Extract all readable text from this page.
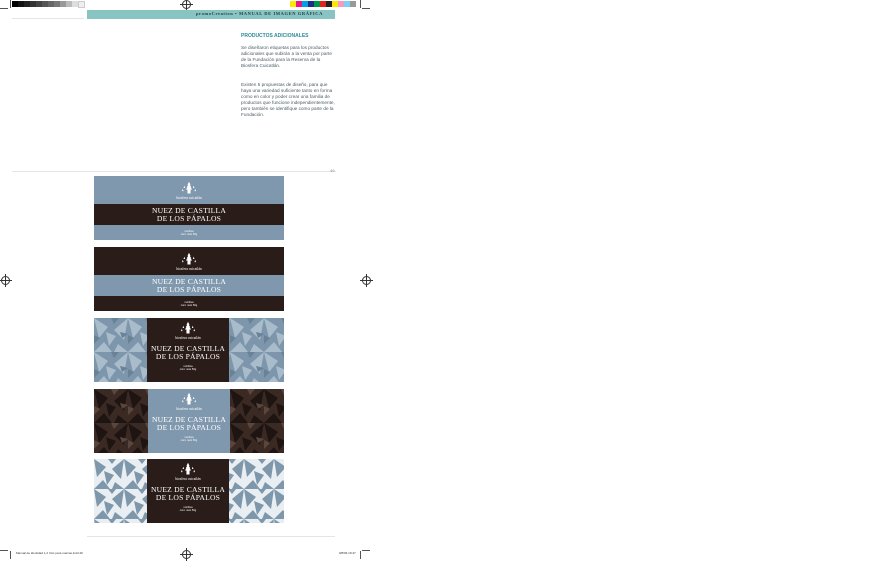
promoCreation • MANUAL DE IMAGEN GRÁFICA
PRODUCTOS ADICIONALES

Se diseñaron etiquetas para los productos adicionales que subirán a la venta por parte de la Fundación para la Reserva de la Biosfera Cuicatlán.

Existen 5 propuestas de diseño, para que haya una variedad suficiente tanto en forma como en color y poder crear una familia de productos que funcione independientemente, pero también se identifique como parte de la Fundación.

49
biosfera cuicatlán
NUEZ DE CASTILLA
DE LOS PÁPALOS
nutritiva
cont. neto 50g
biosfera cuicatlán
NUEZ DE CASTILLA
DE LOS PÁPALOS
nutritiva
cont. neto 50g
biosfera cuicatlán
NUEZ DE CASTILLA
DE LOS PÁPALOS
nutritiva
cont. neto 50g
biosfera cuicatlán
NUEZ DE CASTILLA
DE LOS PÁPALOS
nutritiva
cont. neto 50g
biosfera cuicatlán
NUEZ DE CASTILLA
DE LOS PÁPALOS
nutritiva
cont. neto 50g
Manual de identidad 1,2 CAc para marcas.indd 49	9/8/09 19:47
